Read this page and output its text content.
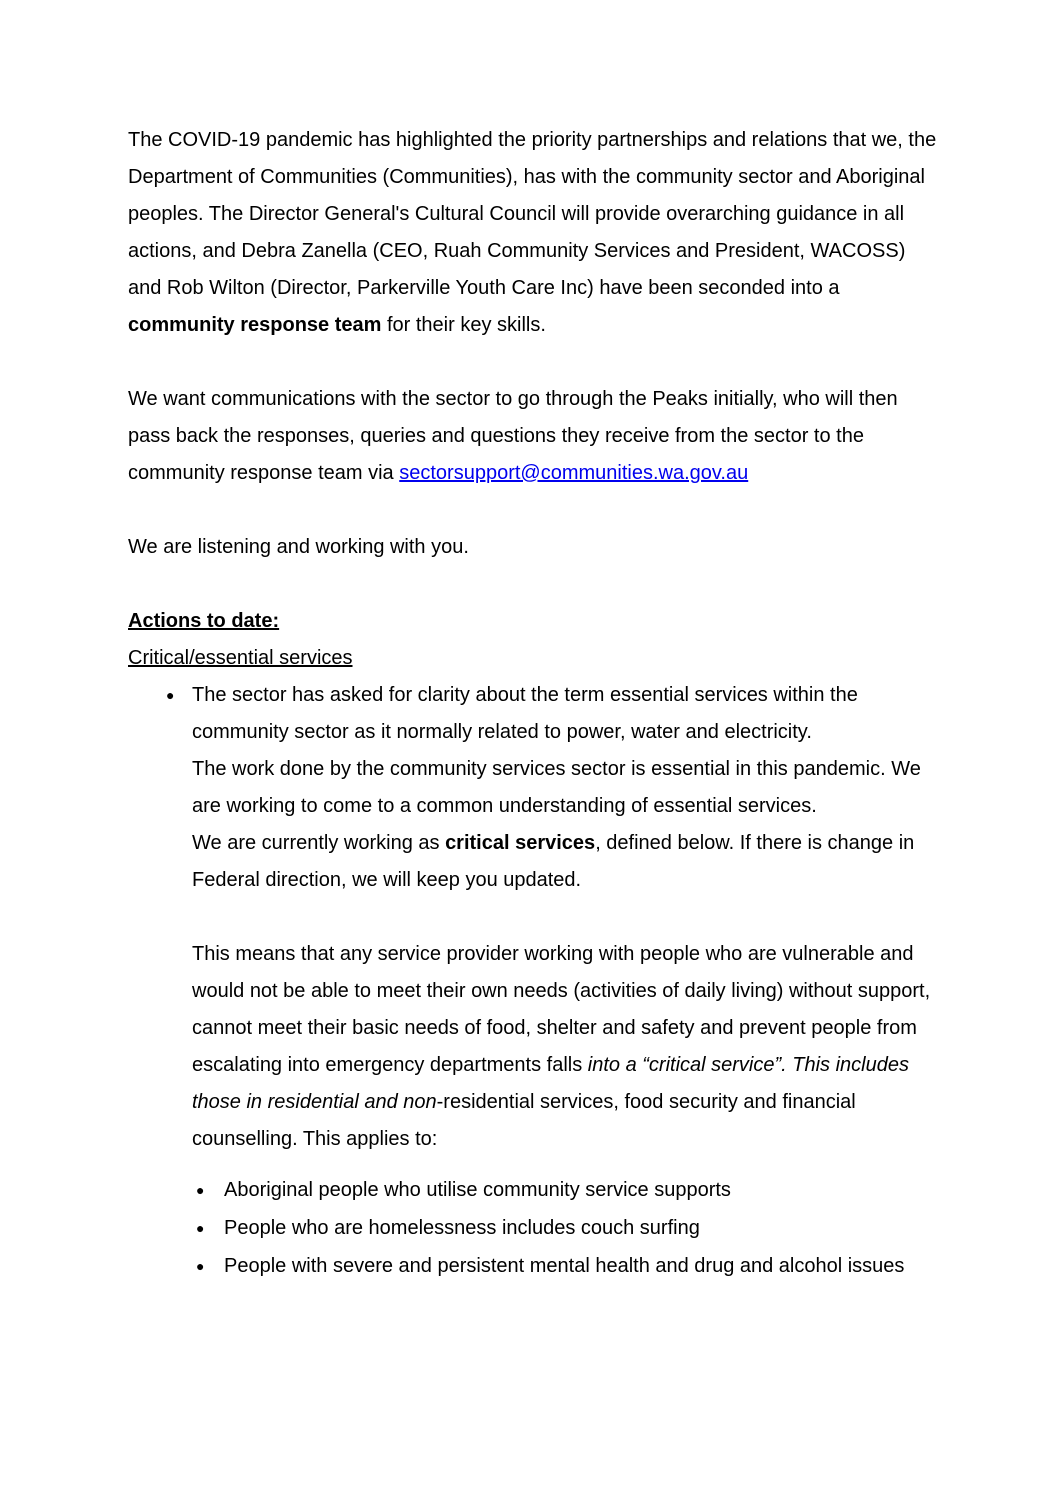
The COVID-19 pandemic has highlighted the priority partnerships and relations that we, the Department of Communities (Communities), has with the community sector and Aboriginal peoples. The Director General's Cultural Council will provide overarching guidance in all actions, and Debra Zanella (CEO, Ruah Community Services and President, WACOSS) and Rob Wilton (Director, Parkerville Youth Care Inc) have been seconded into a community response team for their key skills.

We want communications with the sector to go through the Peaks initially, who will then pass back the responses, queries and questions they receive from the sector to the community response team via sectorsupport@communities.wa.gov.au

We are listening and working with you.

Actions to date:

Critical/essential services

● The sector has asked for clarity about the term essential services within the community sector as it normally related to power, water and electricity.

The work done by the community services sector is essential in this pandemic. We are working to come to a common understanding of essential services.

We are currently working as critical services, defined below. If there is change in Federal direction, we will keep you updated.

This means that any service provider working with people who are vulnerable and would not be able to meet their own needs (activities of daily living) without support, cannot meet their basic needs of food, shelter and safety and prevent people from escalating into emergency departments falls into a “critical service”. This includes those in residential and non-residential services, food security and financial counselling. This applies to:

● Aboriginal people who utilise community service supports

● People who are homelessness includes couch surfing

● People with severe and persistent mental health and drug and alcohol issues
